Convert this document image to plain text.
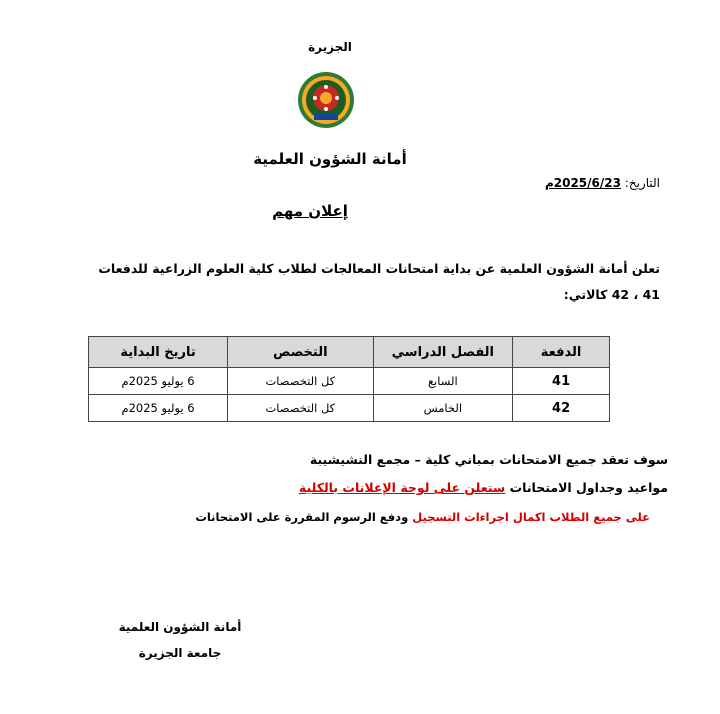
الجزيرة
أمانة الشؤون العلمية
التاريخ: 2025/6/23م
إعلان مهم
تعلن أمانة الشؤون العلمية عن بداية امتحانات المعالجات لطلاب كلية العلوم الزراعية للدفعات 41 ، 42 كالاتي:
الدفعة	الفصل الدراسي	التخصص	تاريخ البداية
41	السابع	كل التخصصات	6 يوليو 2025م
42	الخامس	كل التخصصات	6 يوليو 2025م
سوف تعقد جميع الامتحانات بمباني كلية – مجمع النشيشيبة
مواعيد وجداول الامتحانات ستعلن على لوحة الإعلانات بالكلية
على جميع الطلاب اكمال اجراءات التسجيل ودفع الرسوم المقررة على الامتحانات
أمانة الشؤون العلمية
جامعة الجزيرة
